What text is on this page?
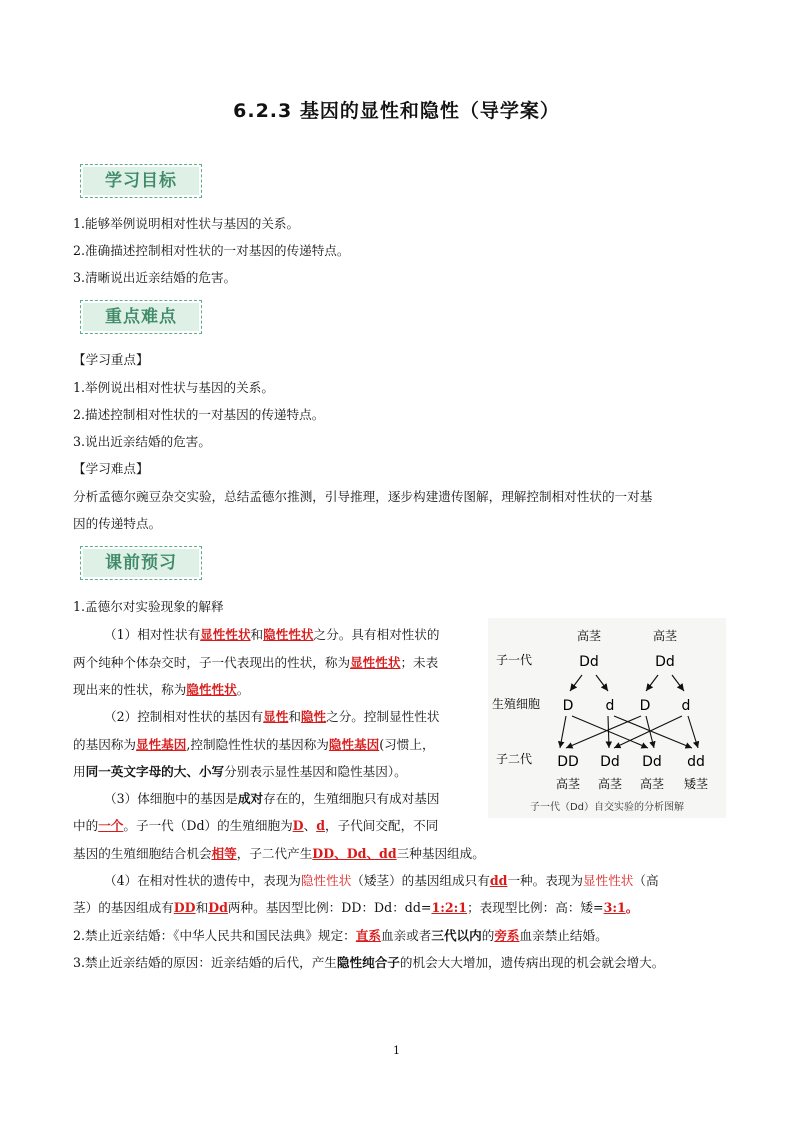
6.2.3 基因的显性和隐性（导学案）
学习目标
1.能够举例说明相对性状与基因的关系。
2.准确描述控制相对性状的一对基因的传递特点。
3.清晰说出近亲结婚的危害。
重点难点
【学习重点】
1.举例说出相对性状与基因的关系。
2.描述控制相对性状的一对基因的传递特点。
3.说出近亲结婚的危害。
【学习难点】
分析孟德尔豌豆杂交实验，总结孟德尔推测，引导推理，逐步构建遗传图解，理解控制相对性状的一对基
因的传递特点。
课前预习
1.孟德尔对实验现象的解释
（1）相对性状有显性性状和隐性性状之分。具有相对性状的
两个纯种个体杂交时，子一代表现出的性状，称为显性性状；未表
现出来的性状，称为隐性性状。
（2）控制相对性状的基因有显性和隐性之分。控制显性性状
的基因称为显性基因,控制隐性性状的基因称为隐性基因(习惯上，
用同一英文字母的大、小写分别表示显性基因和隐性基因）。
（3）体细胞中的基因是成对存在的，生殖细胞只有成对基因
中的一个。子一代（Dd）的生殖细胞为D、d，子代间交配，不同
基因的生殖细胞结合机会相等，子二代产生DD、Dd、dd三种基因组成。
（4）在相对性状的遗传中，表现为隐性性状（矮茎）的基因组成只有dd一种。表现为显性性状（高
茎）的基因组成有DD和Dd两种。基因型比例：DD：Dd：dd=1:2:1；表现型比例：高：矮=3:1。
2.禁止近亲结婚：《中华人民共和国民法典》规定：直系血亲或者三代以内的旁系血亲禁止结婚。
3.禁止近亲结婚的原因：近亲结婚的后代，产生隐性纯合子的机会大大增加，遗传病出现的机会就会增大。
子一代
生殖细胞
子二代
高茎	高茎
Dd	Dd
D d D d
DD Dd Dd dd
高茎 高茎 高茎 矮茎
子一代（Dd）自交实验的分析图解
1
